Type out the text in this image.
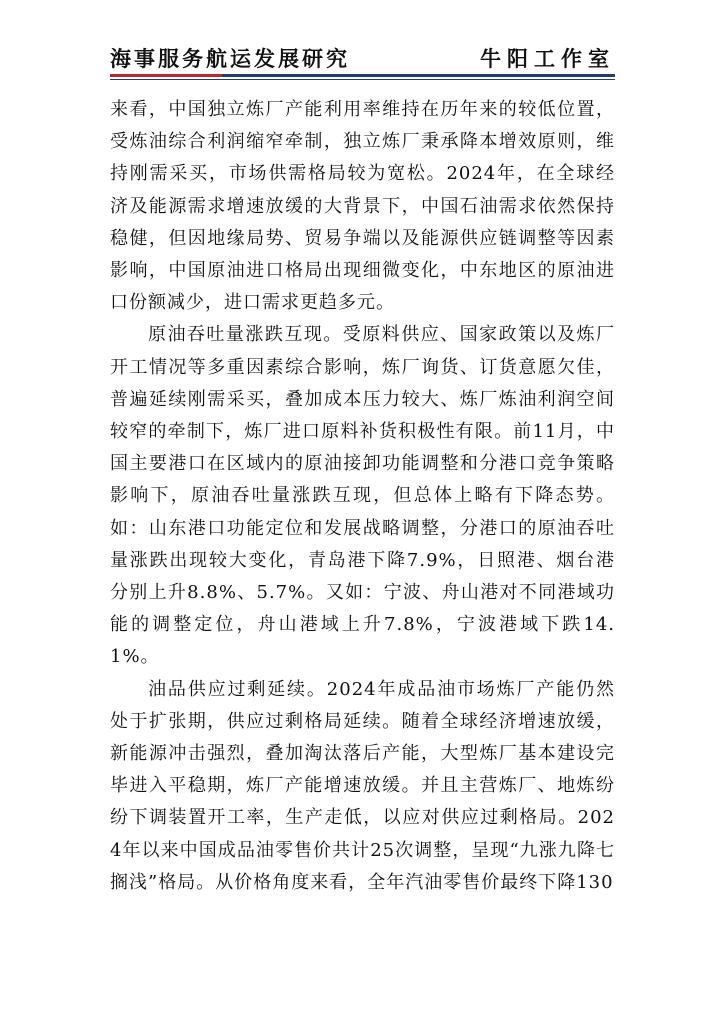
海事服务航运发展研究	牛阳工作室

来看，中国独立炼厂产能利用率维持在历年来的较低位置，受炼油综合利润缩窄牵制，独立炼厂秉承降本增效原则，维持刚需采买，市场供需格局较为宽松。2024年，在全球经济及能源需求增速放缓的大背景下，中国石油需求依然保持稳健，但因地缘局势、贸易争端以及能源供应链调整等因素影响，中国原油进口格局出现细微变化，中东地区的原油进口份额减少，进口需求更趋多元。

原油吞吐量涨跌互现。受原料供应、国家政策以及炼厂开工情况等多重因素综合影响，炼厂询货、订货意愿欠佳，普遍延续刚需采买，叠加成本压力较大、炼厂炼油利润空间较窄的牵制下，炼厂进口原料补货积极性有限。前11月，中国主要港口在区域内的原油接卸功能调整和分港口竞争策略影响下，原油吞吐量涨跌互现，但总体上略有下降态势。如：山东港口功能定位和发展战略调整，分港口的原油吞吐量涨跌出现较大变化，青岛港下降7.9%，日照港、烟台港分别上升8.8%、5.7%。又如：宁波、舟山港对不同港域功能的调整定位，舟山港域上升7.8%，宁波港域下跌14.1%。

油品供应过剩延续。2024年成品油市场炼厂产能仍然处于扩张期，供应过剩格局延续。随着全球经济增速放缓，新能源冲击强烈，叠加淘汰落后产能，大型炼厂基本建设完毕进入平稳期，炼厂产能增速放缓。并且主营炼厂、地炼纷纷下调装置开工率，生产走低，以应对供应过剩格局。2024年以来中国成品油零售价共计25次调整，呈现“九涨九降七搁浅”格局。从价格角度来看，全年汽油零售价最终下降130
